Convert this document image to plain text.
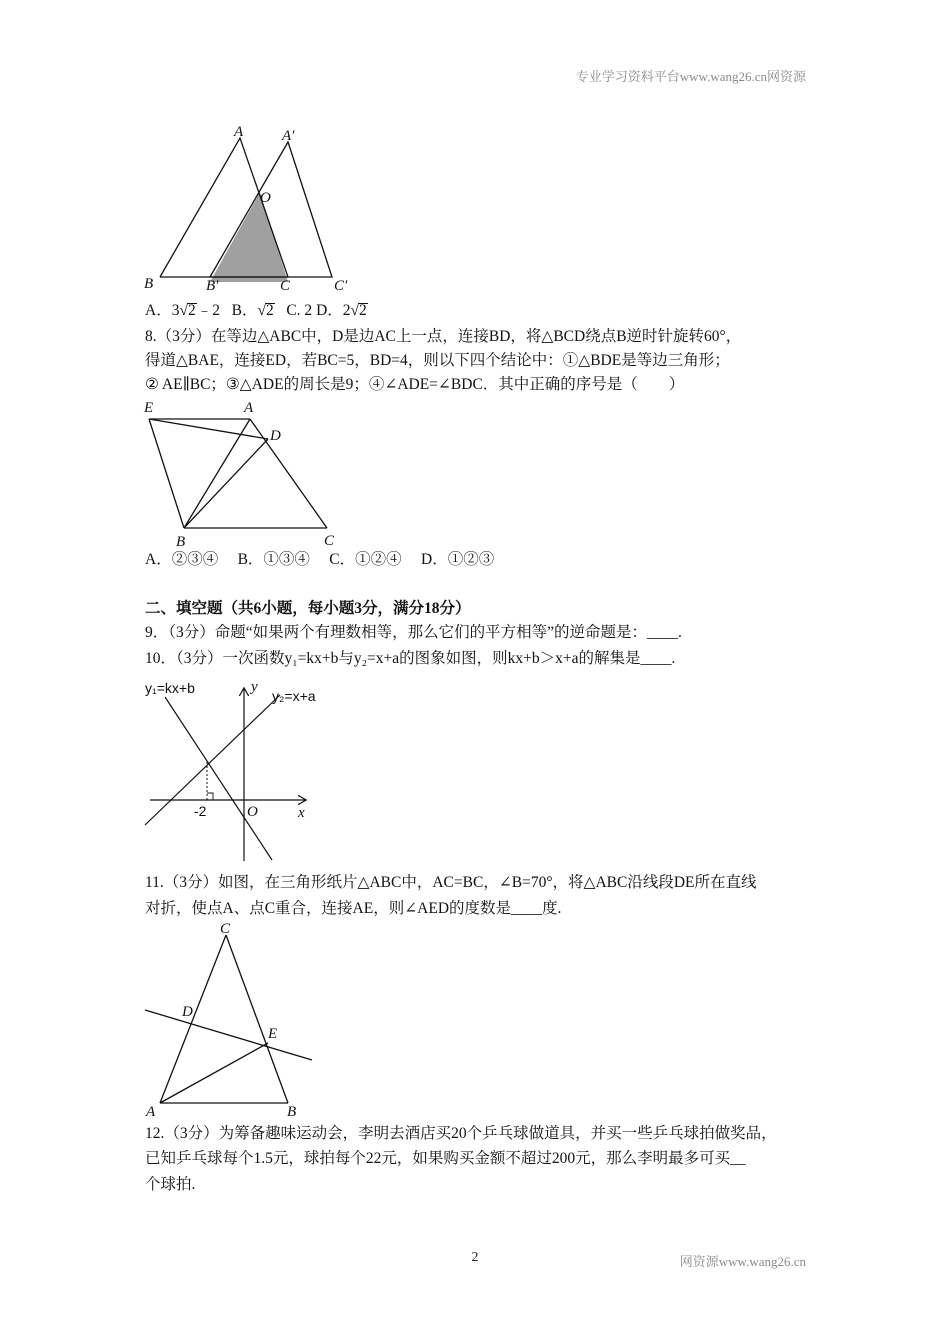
专业学习资料平台www.wang26.cn网资源
A	A′
O
B	B′	C	C′
A．3√2﹣2 B．√2 C. 2 D．2√2
8.（3分）在等边△ABC中，D是边AC上一点，连接BD，将△BCD绕点B逆时针旋转60°，
得道△BAE，连接ED，若BC=5，BD=4，则以下四个结论中：①△BDE是等边三角形；
② AE∥BC；③△ADE的周长是9；④∠ADE=∠BDC．其中正确的序号是（　　）
E	A
D
B	C
A．②③④　 B．①③④　 C．①②④　 D．①②③
二、填空题（共6小题，每小题3分，满分18分）
9．（3分）命题“如果两个有理数相等，那么它们的平方相等”的逆命题是：____.
10．（3分）一次函数y₁=kx+b与y₂=x+a的图象如图，则kx+b＞x+a的解集是____.
y₁=kx+b	y₂=x+a
y
x
O
-2
11.（3分）如图，在三角形纸片△ABC中，AC=BC，∠B=70°，将△ABC沿线段DE所在直线
对折，使点A、点C重合，连接AE，则∠AED的度数是____度.
C
D
E
A	B
12.（3分）为筹备趣味运动会，李明去酒店买20个乒乓球做道具，并买一些乒乓球拍做奖品，
已知乒乓球每个1.5元，球拍每个22元，如果购买金额不超过200元，那么李明最多可买__
个球拍.
2	网资源www.wang26.cn
